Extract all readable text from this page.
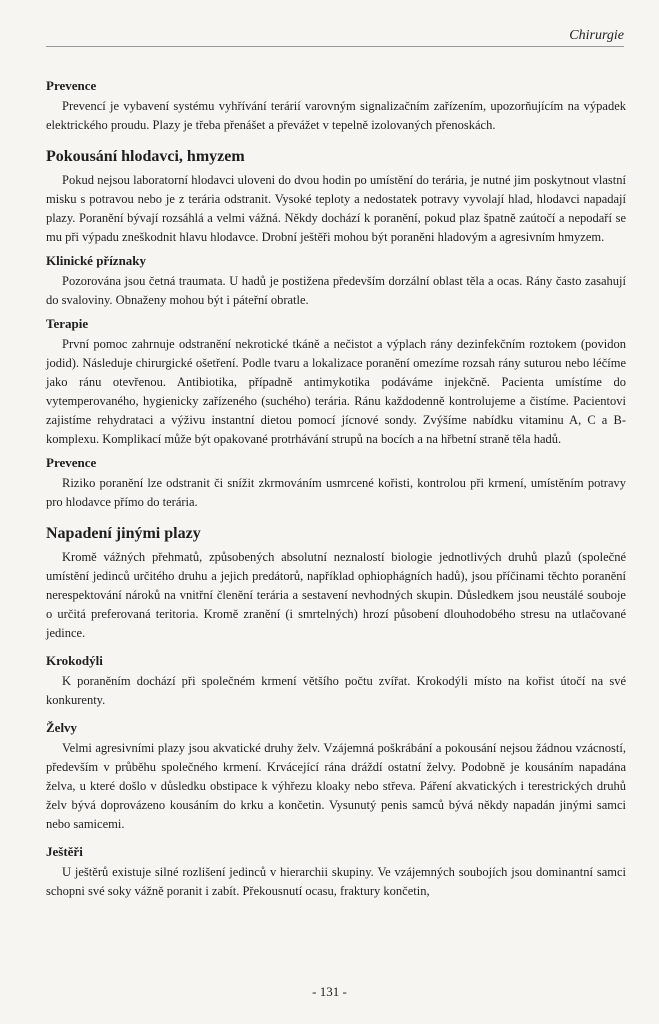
Chirurgie
Prevence

Prevencí je vybavení systému vyhřívání terárií varovným signalizačním zařízením, upozorňujícím na výpadek elektrického proudu. Plazy je třeba přenášet a převážet v tepelně izolovaných přenoskách.

Pokousání hlodavci, hmyzem

Pokud nejsou laboratorní hlodavci uloveni do dvou hodin po umístění do terária, je nutné jim poskytnout vlastní misku s potravou nebo je z terária odstranit. Vysoké teploty a nedostatek potravy vyvolají hlad, hlodavci napadají plazy. Poranění bývají rozsáhlá a velmi vážná. Někdy dochází k poranění, pokud plaz špatně zaútočí a nepodaří se mu při výpadu zneškodnit hlavu hlodavce. Drobní ještěři mohou být poraněni hladovým a agresivním hmyzem.

Klinické příznaky

Pozorována jsou četná traumata. U hadů je postižena především dorzální oblast těla a ocas. Rány často zasahují do svaloviny. Obnaženy mohou být i páteřní obratle.

Terapie

První pomoc zahrnuje odstranění nekrotické tkáně a nečistot a výplach rány dezinfekčním roztokem (povidon jodid). Následuje chirurgické ošetření. Podle tvaru a lokalizace poranění omezíme rozsah rány suturou nebo léčíme jako ránu otevřenou. Antibiotika, případně antimykotika podáváme injekčně. Pacienta umístíme do vytemperovaného, hygienicky zařízeného (suchého) terária. Ránu každodenně kontrolujeme a čistíme. Pacientovi zajistíme rehydrataci a výživu instantní dietou pomocí jícnové sondy. Zvýšíme nabídku vitaminu A, C a B-komplexu. Komplikací může být opakované protrhávání strupů na bocích a na hřbetní straně těla hadů.

Prevence

Riziko poranění lze odstranit či snížit zkrmováním usmrcené kořisti, kontrolou při krmení, umístěním potravy pro hlodavce přímo do terária.

Napadení jinými plazy

Kromě vážných přehmatů, způsobených absolutní neznalostí biologie jednotlivých druhů plazů (společné umístění jedinců určitého druhu a jejich predátorů, například ophiophágních hadů), jsou příčinami těchto poranění nerespektování nároků na vnitřní členění terária a sestavení nevhodných skupin. Důsledkem jsou neustálé souboje o určitá preferovaná teritoria. Kromě zranění (i smrtelných) hrozí působení dlouhodobého stresu na utlačované jedince.

Krokodýli

K poraněním dochází při společném krmení většího počtu zvířat. Krokodýli místo na kořist útočí na své konkurenty.

Želvy

Velmi agresivními plazy jsou akvatické druhy želv. Vzájemná poškrábání a pokousání nejsou žádnou vzácností, především v průběhu společného krmení. Krvácející rána dráždí ostatní želvy. Podobně je kousáním napadána želva, u které došlo v důsledku obstipace k výhřezu kloaky nebo střeva. Páření akvatických i terestrických druhů želv bývá doprovázeno kousáním do krku a končetin. Vysunutý penis samců bývá někdy napadán jinými samci nebo samicemi.

Ještěři

U ještěrů existuje silné rozlišení jedinců v hierarchii skupiny. Ve vzájemných soubojích jsou dominantní samci schopni své soky vážně poranit i zabít. Překousnutí ocasu, fraktury končetin,

- 131 -
